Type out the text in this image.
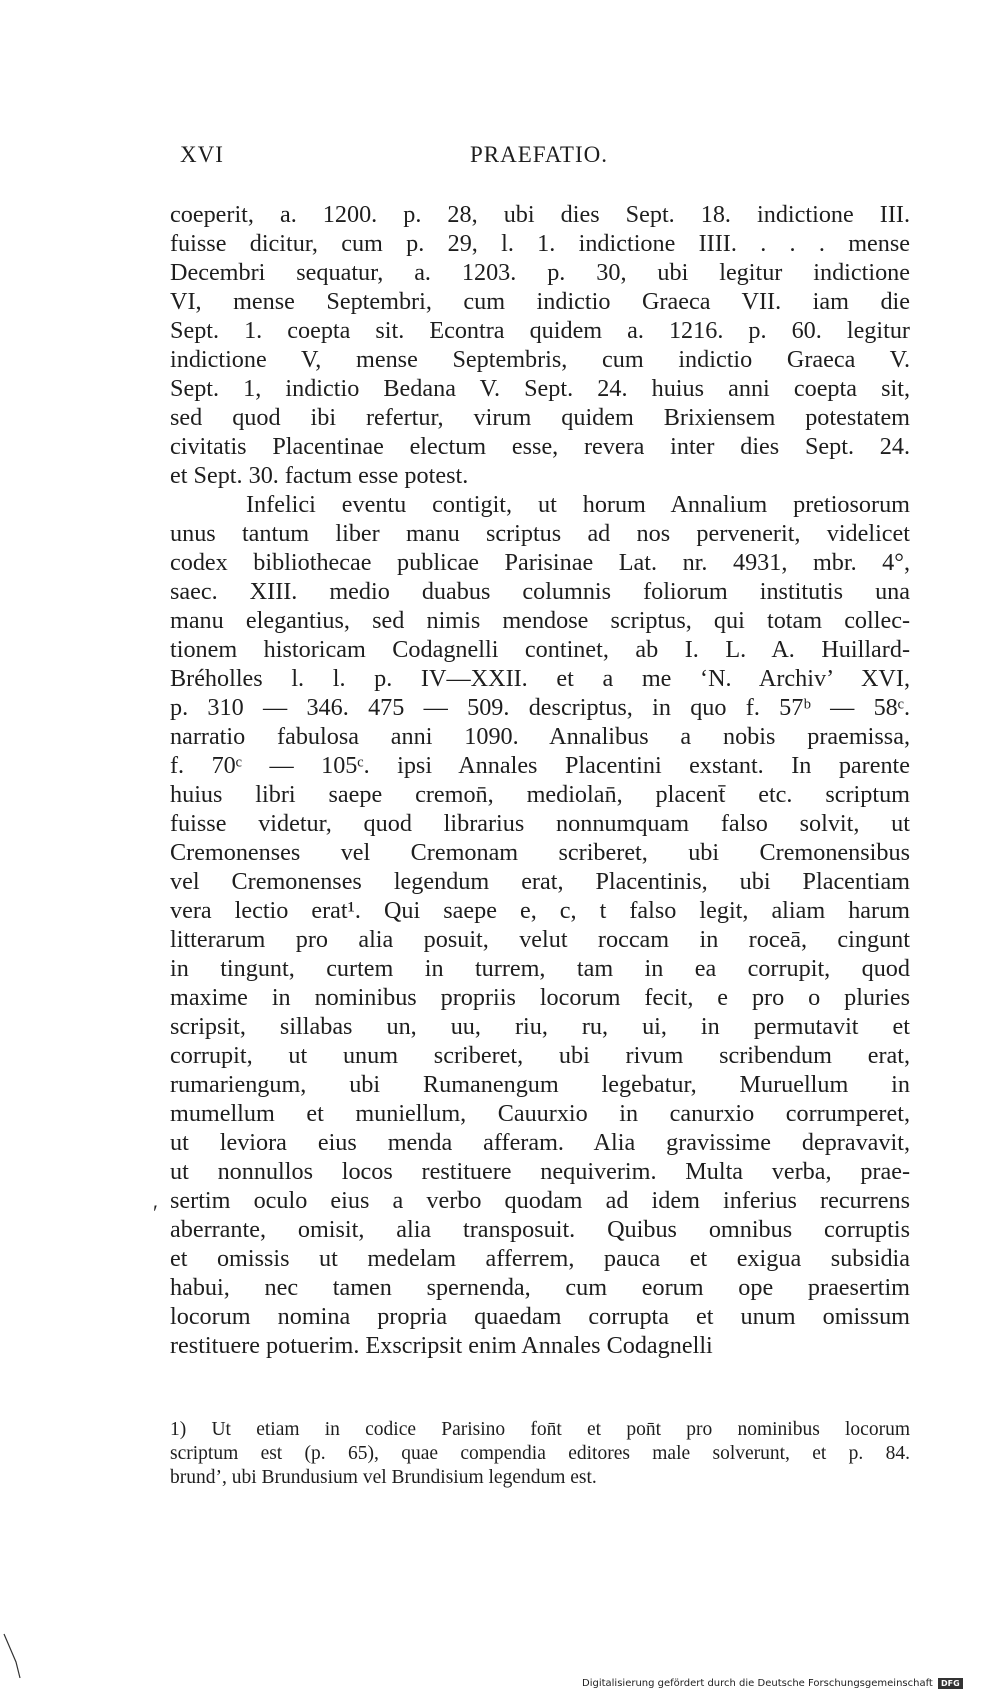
XVI	PRAEFATIO.
coeperit, a. 1200. p. 28, ubi dies Sept. 18. indictione III.
fuisse dicitur, cum p. 29, l. 1. indictione IIII. . . . mense
Decembri sequatur, a. 1203. p. 30, ubi legitur indictione
VI, mense Septembri, cum indictio Graeca VII. iam die
Sept. 1. coepta sit. Econtra quidem a. 1216. p. 60. legitur
indictione V, mense Septembris, cum indictio Graeca V.
Sept. 1, indictio Bedana V. Sept. 24. huius anni coepta sit,
sed quod ibi refertur, virum quidem Brixiensem potestatem
civitatis Placentinae electum esse, revera inter dies Sept. 24.
et Sept. 30. factum esse potest.
Infelici eventu contigit, ut horum Annalium pretiosorum
unus tantum liber manu scriptus ad nos pervenerit, videlicet
codex bibliothecae publicae Parisinae Lat. nr. 4931, mbr. 4°,
saec. XIII. medio duabus columnis foliorum institutis una
manu elegantius, sed nimis mendose scriptus, qui totam collec-
tionem historicam Codagnelli continet, ab I. L. A. Huillard-
Bréholles l. l. p. IV—XXII. et a me ‘N. Archiv’ XVI,
p. 310 — 346. 475 — 509. descriptus, in quo f. 57ᵇ — 58ᶜ.
narratio fabulosa anni 1090. Annalibus a nobis praemissa,
f. 70ᶜ — 105ᶜ. ipsi Annales Placentini exstant. In parente
huius libri saepe cremon̄, mediolan̄, placent̄ etc. scriptum
fuisse videtur, quod librarius nonnumquam falso solvit, ut
Cremonenses vel Cremonam scriberet, ubi Cremonensibus
vel Cremonenses legendum erat, Placentinis, ubi Placentiam
vera lectio erat¹. Qui saepe e, c, t falso legit, aliam harum
litterarum pro alia posuit, velut roccam in roceā, cingunt
in tingunt, curtem in turrem, tam in ea corrupit, quod
maxime in nominibus propriis locorum fecit, e pro o pluries
scripsit, sillabas un, uu, riu, ru, ui, in permutavit et
corrupit, ut unum scriberet, ubi rivum scribendum erat,
rumariengum, ubi Rumanengum legebatur, Muruellum in
mumellum et muniellum, Cauurxio in canurxio corrumperet,
ut leviora eius menda afferam. Alia gravissime depravavit,
ut nonnullos locos restituere nequiverim. Multa verba, prae-
sertim oculo eius a verbo quodam ad idem inferius recurrens
aberrante, omisit, alia transposuit. Quibus omnibus corruptis
et omissis ut medelam afferrem, pauca et exigua subsidia
habui, nec tamen spernenda, cum eorum ope praesertim
locorum nomina propria quaedam corrupta et unum omissum
restituere potuerim. Exscripsit enim Annales Codagnelli
′
1) Ut etiam in codice Parisino fon̄t et pon̄t pro nominibus locorum
scriptum est (p. 65), quae compendia editores male solverunt, et p. 84.
brund’, ubi Brundusium vel Brundisium legendum est.
Digitalisierung gefördert durch die Deutsche Forschungsgemeinschaft DFG
